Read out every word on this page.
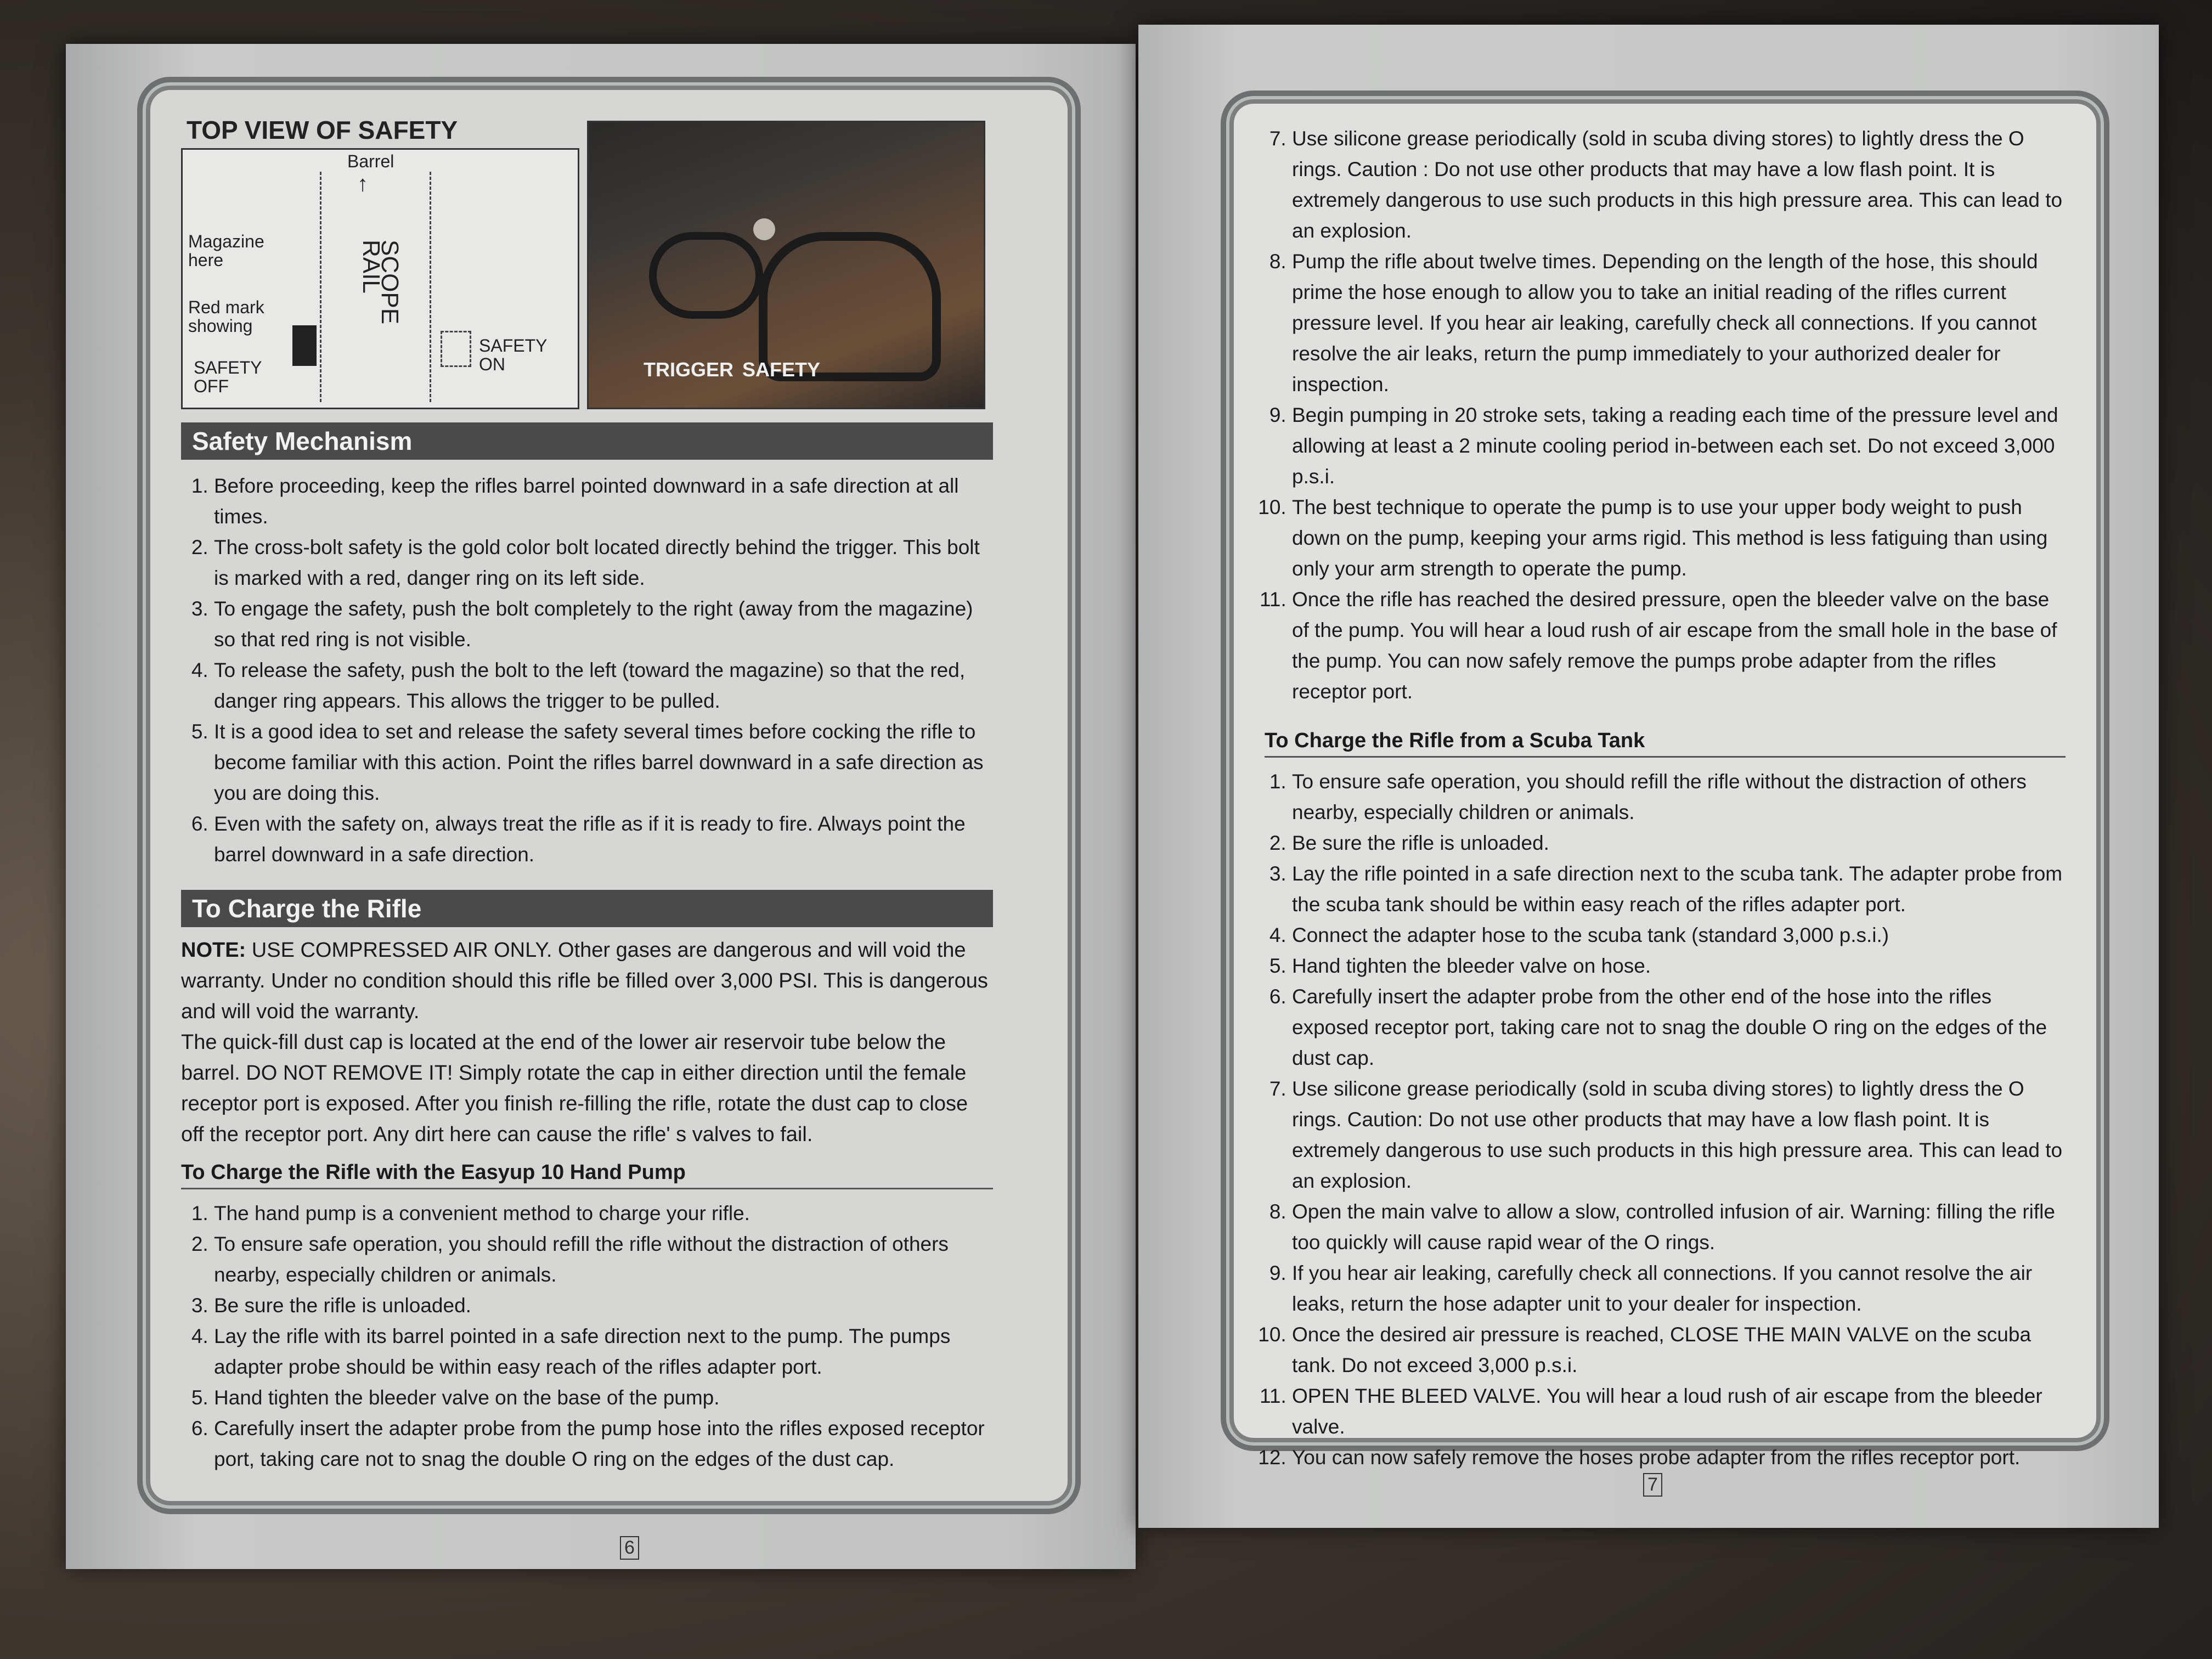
TOP VIEW OF SAFETY
Barrel
↑
SCOPE RAIL
Magazine here
Red mark showing
SAFETY OFF
SAFETY ON	TRIGGER SAFETY
Safety Mechanism
1. Before proceeding, keep the rifles barrel pointed downward in a safe direction at all times.
2. The cross-bolt safety is the gold color bolt located directly behind the trigger. This bolt is marked with a red, danger ring on its left side.
3. To engage the safety, push the bolt completely to the right (away from the magazine) so that red ring is not visible.
4. To release the safety, push the bolt to the left (toward the magazine) so that the red, danger ring appears. This allows the trigger to be pulled.
5. It is a good idea to set and release the safety several times before cocking the rifle to become familiar with this action. Point the rifles barrel downward in a safe direction as you are doing this.
6. Even with the safety on, always treat the rifle as if it is ready to fire. Always point the barrel downward in a safe direction.
To Charge the Rifle

NOTE: USE COMPRESSED AIR ONLY. Other gases are dangerous and will void the warranty. Under no condition should this rifle be filled over 3,000 PSI. This is dangerous and will void the warranty.

The quick-fill dust cap is located at the end of the lower air reservoir tube below the barrel. DO NOT REMOVE IT! Simply rotate the cap in either direction until the female receptor port is exposed. After you finish re-filling the rifle, rotate the dust cap to close off the receptor port. Any dirt here can cause the rifle' s valves to fail.

To Charge the Rifle with the Easyup 10 Hand Pump
1. The hand pump is a convenient method to charge your rifle.
2. To ensure safe operation, you should refill the rifle without the distraction of others nearby, especially children or animals.
3. Be sure the rifle is unloaded.
4. Lay the rifle with its barrel pointed in a safe direction next to the pump. The pumps adapter probe should be within easy reach of the rifles adapter port.
5. Hand tighten the bleeder valve on the base of the pump.
6. Carefully insert the adapter probe from the pump hose into the rifles exposed receptor port, taking care not to snag the double O ring on the edges of the dust cap.
6
7. Use silicone grease periodically (sold in scuba diving stores) to lightly dress the O rings. Caution : Do not use other products that may have a low flash point. It is extremely dangerous to use such products in this high pressure area. This can lead to an explosion.
8. Pump the rifle about twelve times. Depending on the length of the hose, this should prime the hose enough to allow you to take an initial reading of the rifles current pressure level. If you hear air leaking, carefully check all connections. If you cannot resolve the air leaks, return the pump immediately to your authorized dealer for inspection.
9. Begin pumping in 20 stroke sets, taking a reading each time of the pressure level and allowing at least a 2 minute cooling period in-between each set. Do not exceed 3,000 p.s.i.
10. The best technique to operate the pump is to use your upper body weight to push down on the pump, keeping your arms rigid. This method is less fatiguing than using only your arm strength to operate the pump.
11. Once the rifle has reached the desired pressure, open the bleeder valve on the base of the pump. You will hear a loud rush of air escape from the small hole in the base of the pump. You can now safely remove the pumps probe adapter from the rifles receptor port.
To Charge the Rifle from a Scuba Tank
1. To ensure safe operation, you should refill the rifle without the distraction of others nearby, especially children or animals.
2. Be sure the rifle is unloaded.
3. Lay the rifle pointed in a safe direction next to the scuba tank. The adapter probe from the scuba tank should be within easy reach of the rifles adapter port.
4. Connect the adapter hose to the scuba tank (standard 3,000 p.s.i.)
5. Hand tighten the bleeder valve on hose.
6. Carefully insert the adapter probe from the other end of the hose into the rifles exposed receptor port, taking care not to snag the double O ring on the edges of the dust cap.
7. Use silicone grease periodically (sold in scuba diving stores) to lightly dress the O rings. Caution: Do not use other products that may have a low flash point. It is extremely dangerous to use such products in this high pressure area. This can lead to an explosion.
8. Open the main valve to allow a slow, controlled infusion of air. Warning: filling the rifle too quickly will cause rapid wear of the O rings.
9. If you hear air leaking, carefully check all connections. If you cannot resolve the air leaks, return the hose adapter unit to your dealer for inspection.
10. Once the desired air pressure is reached, CLOSE THE MAIN VALVE on the scuba tank. Do not exceed 3,000 p.s.i.
11. OPEN THE BLEED VALVE. You will hear a loud rush of air escape from the bleeder valve.
12. You can now safely remove the hoses probe adapter from the rifles receptor port.
7
